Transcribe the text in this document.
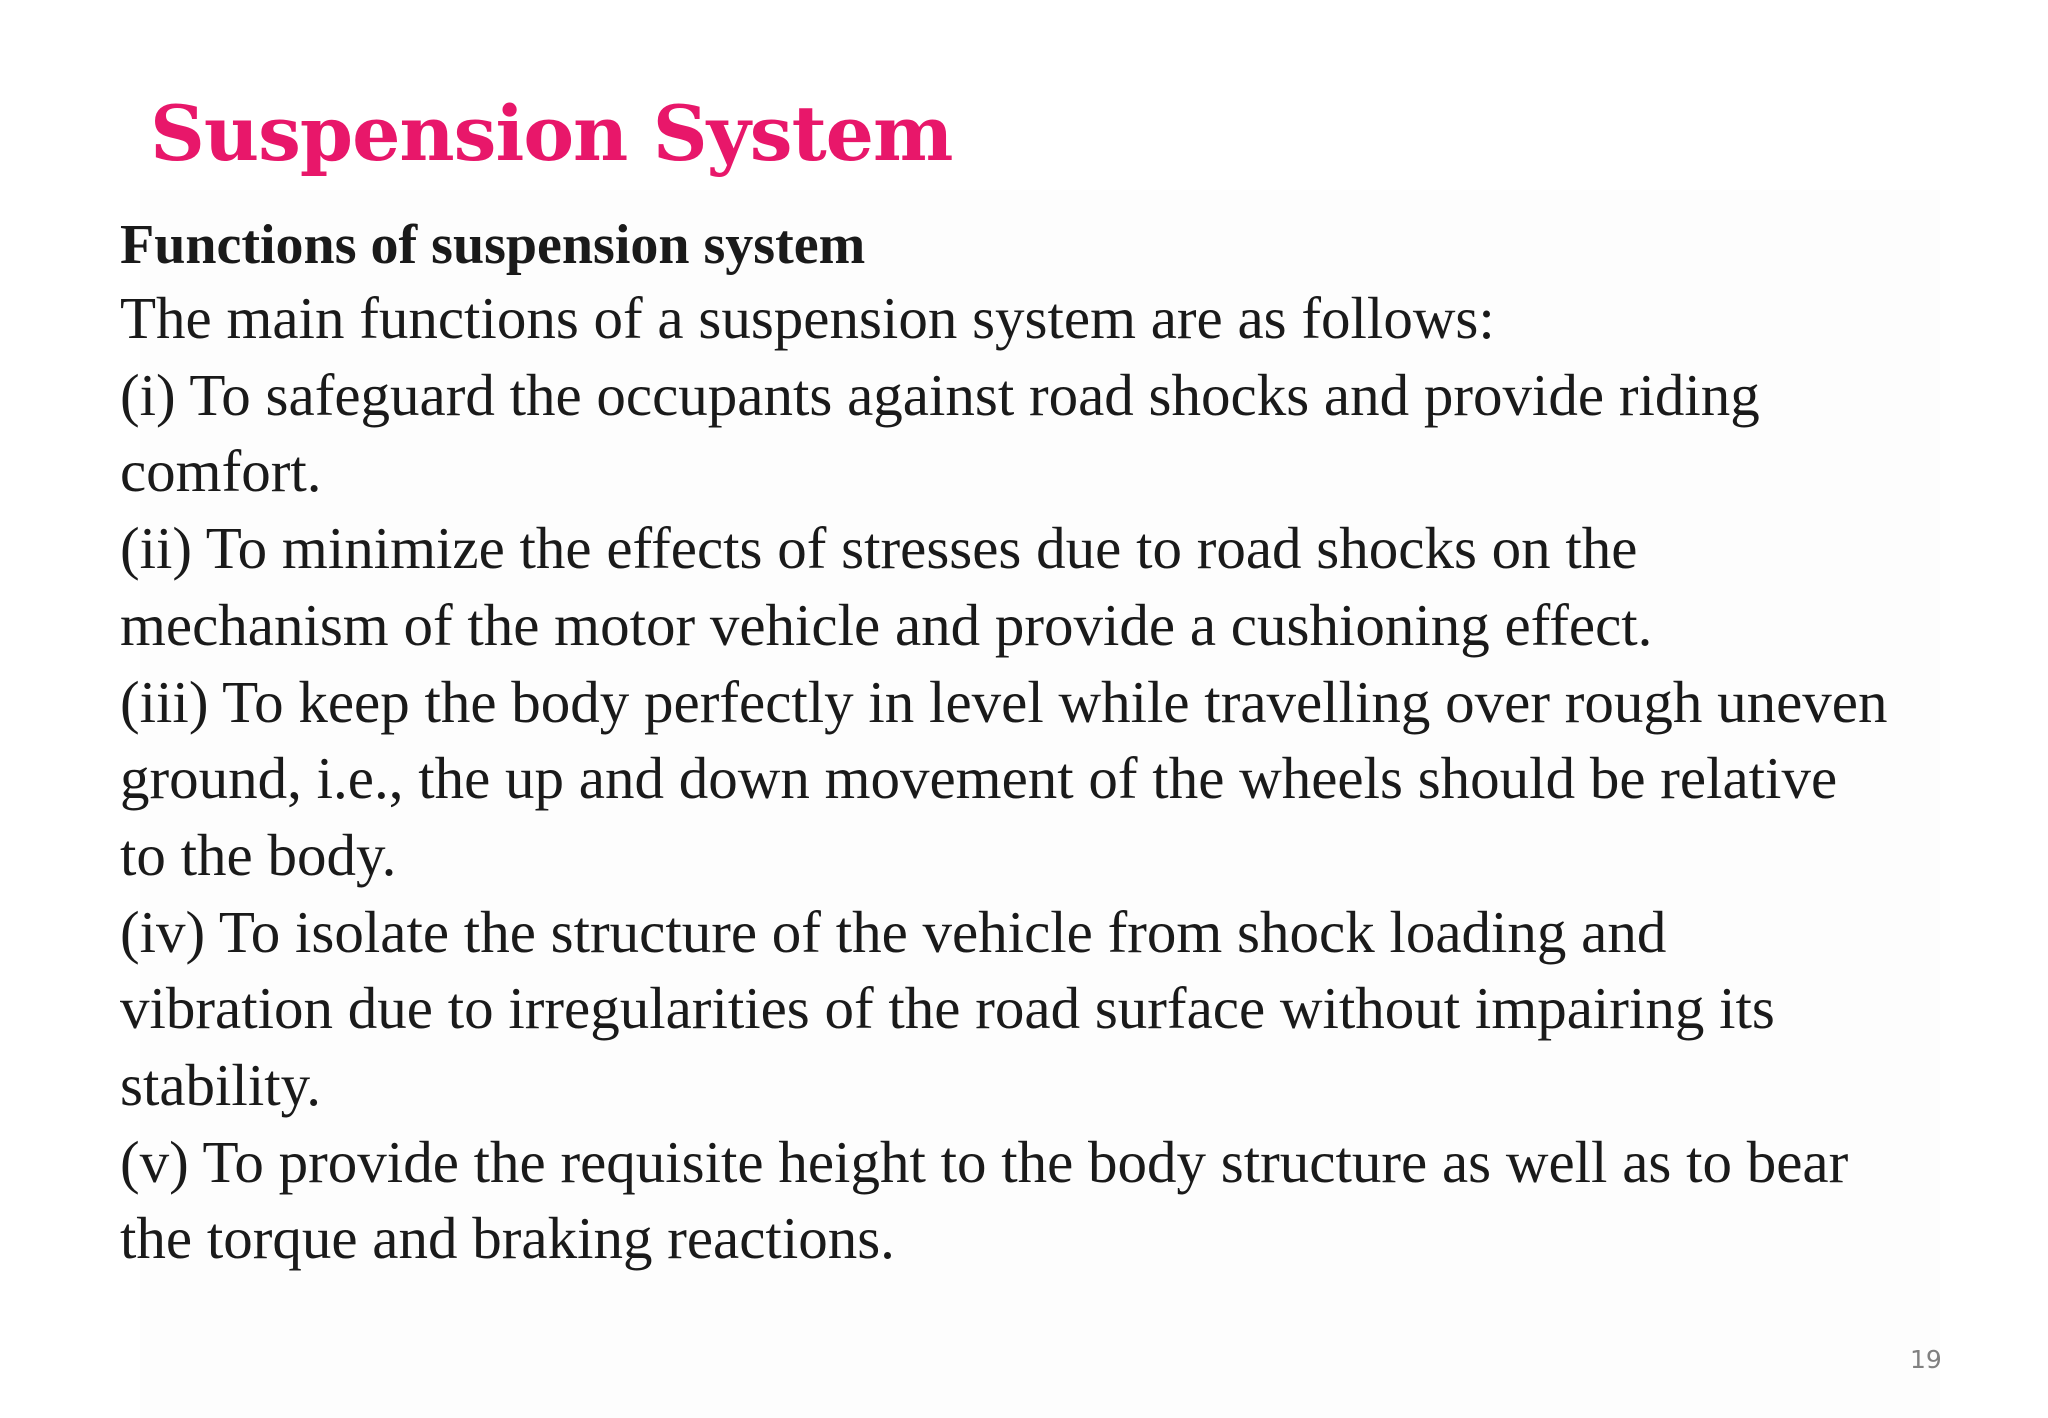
Suspension System

Functions of suspension system

The main functions of a suspension system are as follows:

(i) To safeguard the occupants against road shocks and provide riding

comfort.

(ii) To minimize the effects of stresses due to road shocks on the

mechanism of the motor vehicle and provide a cushioning effect.

(iii) To keep the body perfectly in level while travelling over rough uneven

ground, i.e., the up and down movement of the wheels should be relative

to the body.

(iv) To isolate the structure of the vehicle from shock loading and

vibration due to irregularities of the road surface without impairing its

stability.

(v) To provide the requisite height to the body structure as well as to bear

the torque and braking reactions.

19
